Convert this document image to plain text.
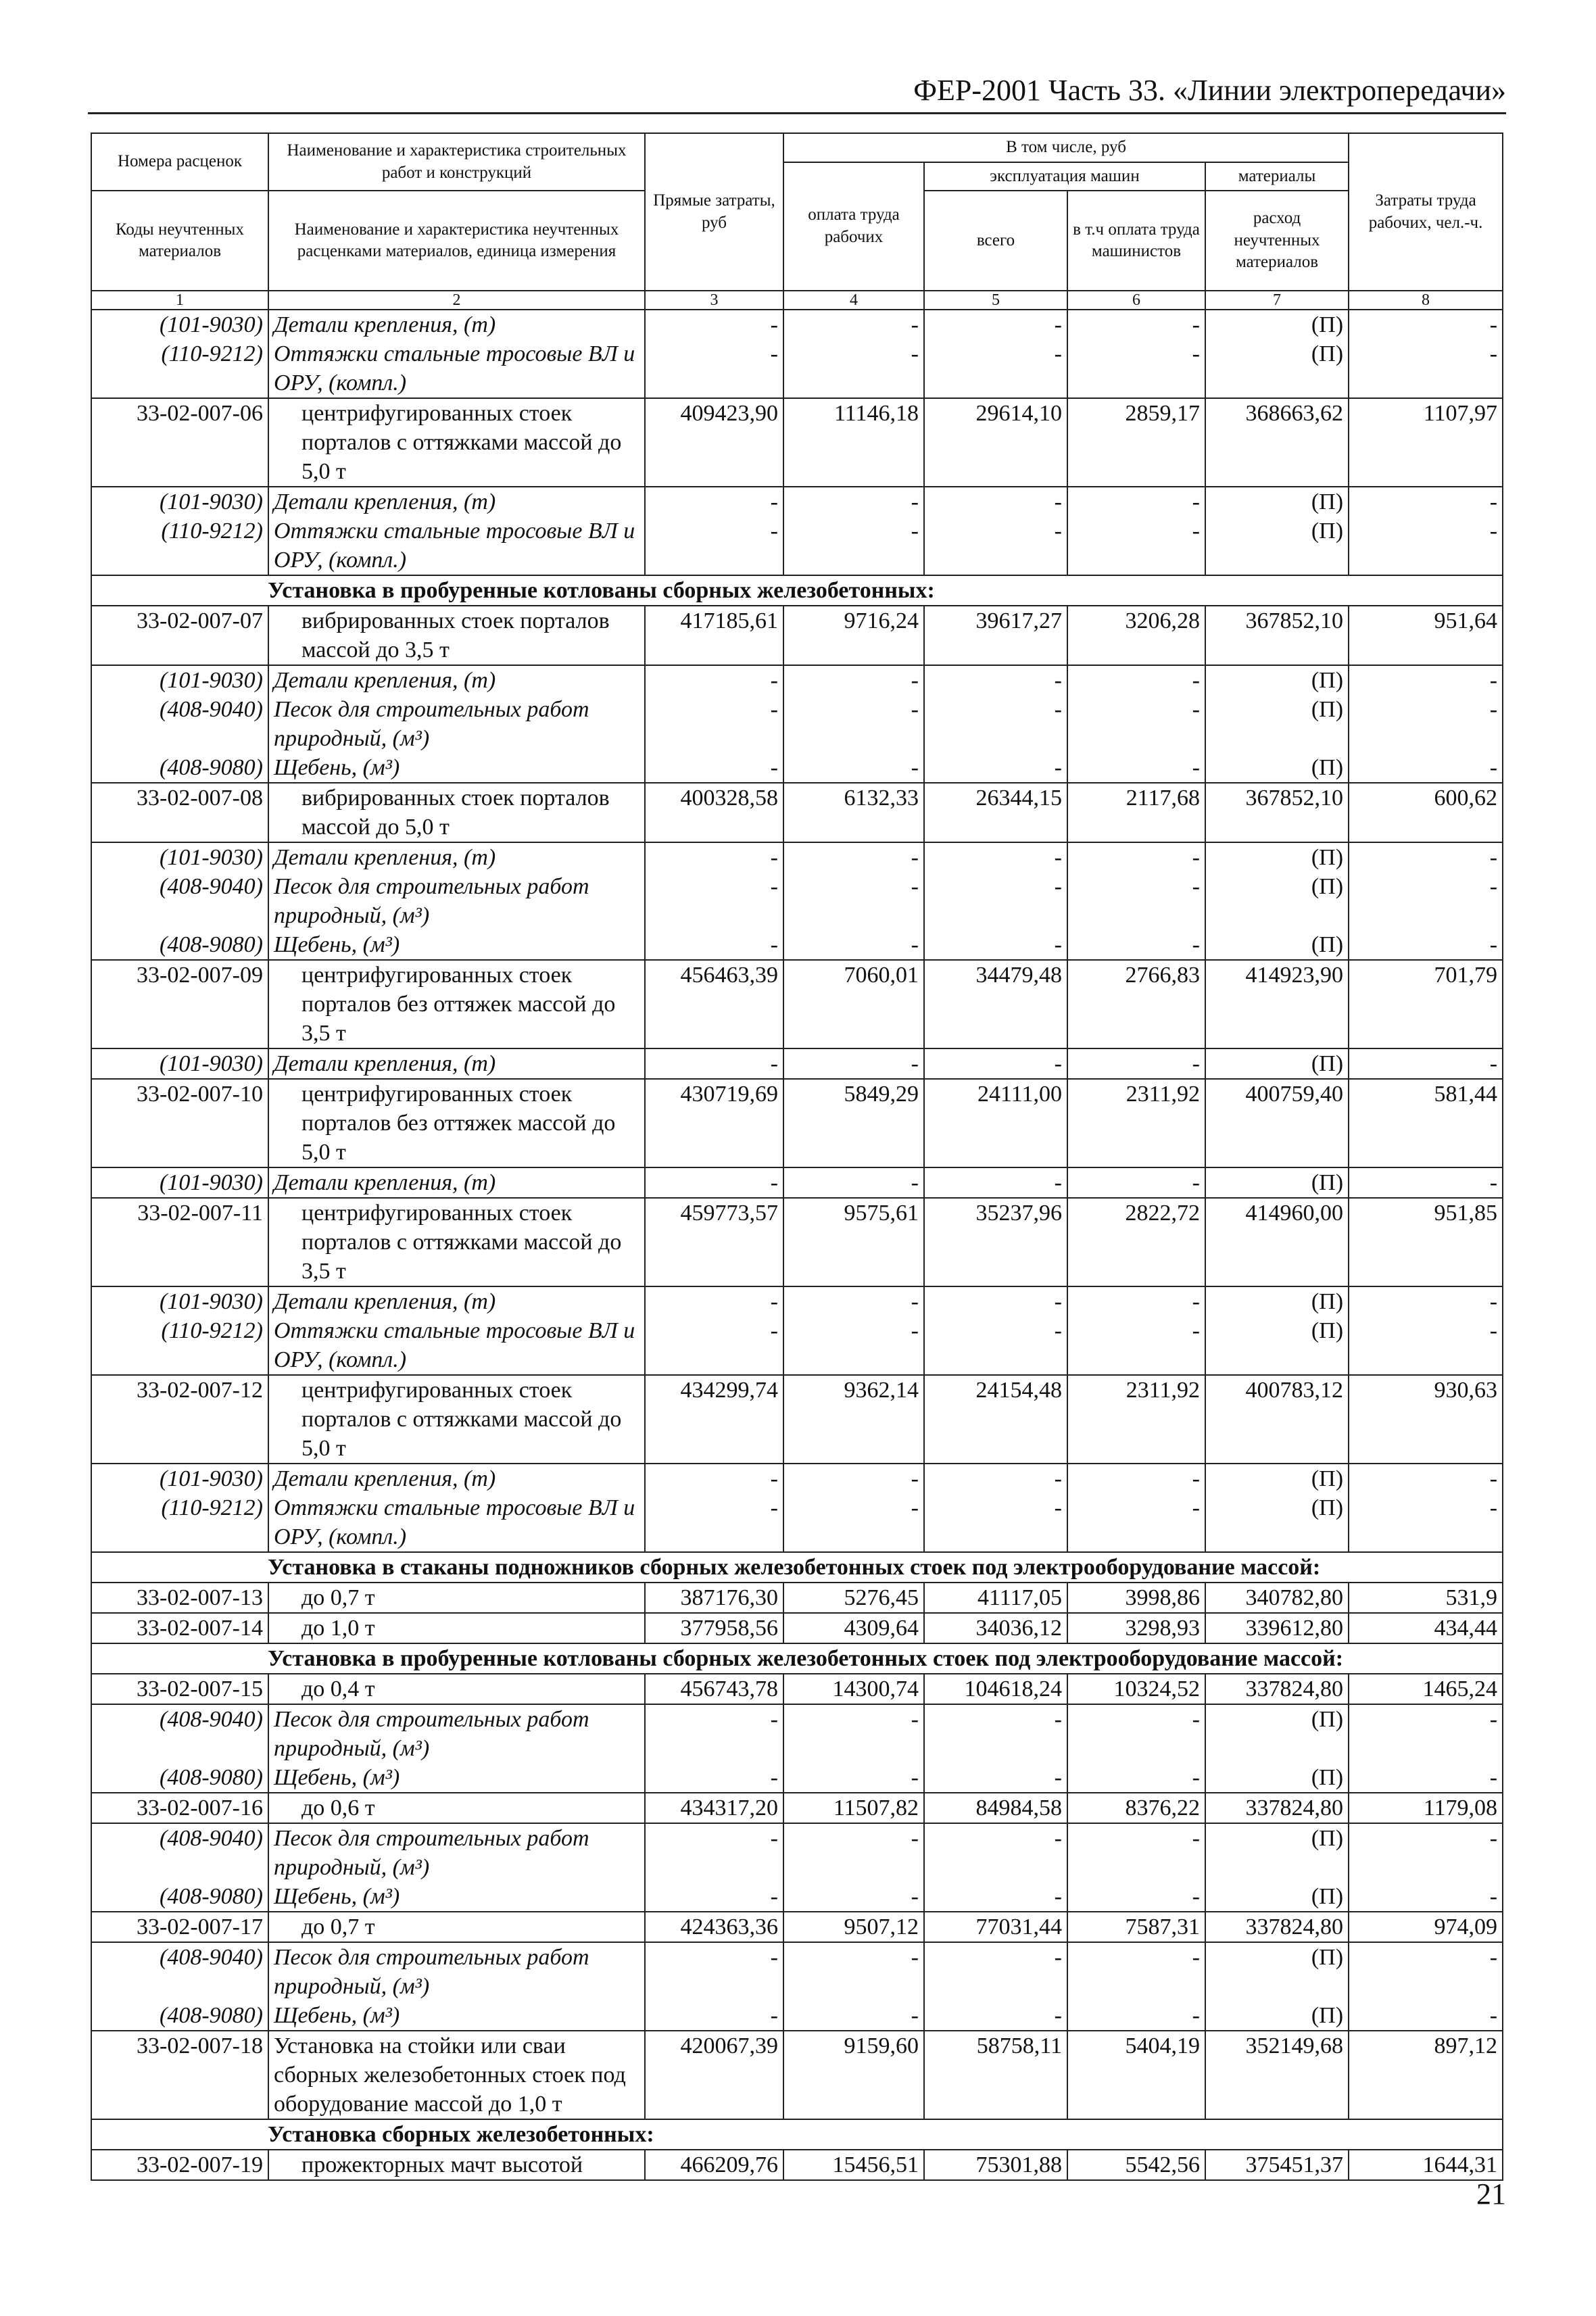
ФЕР-2001 Часть 33. «Линии электропередачи»
Номера расценок	Наименование и характеристика строительных работ и конструкций	Прямые затраты, руб	В том числе, руб				Затраты труда рабочих, чел.-ч.
			оплата труда рабочих	эксплуатация машин		материалы	
Коды неучтенных материалов	Наименование и характеристика неучтенных расценками материалов, единица измерения			всего	в т.ч оплата труда машинистов	расход неучтенных материалов	
1	2	3	4	5	6	7	8
(101-9030)	Детали крепления, (т)	-	-	-	-	(П)	-
(110-9212)	Оттяжки стальные тросовые ВЛ и ОРУ, (компл.)	-	-	-	-	(П)	-
33-02-007-06	центрифугированных стоек порталов с оттяжками массой до 5,0 т	409423,90	11146,18	29614,10	2859,17	368663,62	1107,97
(101-9030)	Детали крепления, (т)	-	-	-	-	(П)	-
(110-9212)	Оттяжки стальные тросовые ВЛ и ОРУ, (компл.)	-	-	-	-	(П)	-
Установка в пробуренные котлованы сборных железобетонных:							
33-02-007-07	вибрированных стоек порталов массой до 3,5 т	417185,61	9716,24	39617,27	3206,28	367852,10	951,64
(101-9030)	Детали крепления, (т)	-	-	-	-	(П)	-
(408-9040)	Песок для строительных работ природный, (м³)	-	-	-	-	(П)	-
(408-9080)	Щебень, (м³)	-	-	-	-	(П)	-
33-02-007-08	вибрированных стоек порталов массой до 5,0 т	400328,58	6132,33	26344,15	2117,68	367852,10	600,62
(101-9030)	Детали крепления, (т)	-	-	-	-	(П)	-
(408-9040)	Песок для строительных работ природный, (м³)	-	-	-	-	(П)	-
(408-9080)	Щебень, (м³)	-	-	-	-	(П)	-
33-02-007-09	центрифугированных стоек порталов без оттяжек массой до 3,5 т	456463,39	7060,01	34479,48	2766,83	414923,90	701,79
(101-9030)	Детали крепления, (т)	-	-	-	-	(П)	-
33-02-007-10	центрифугированных стоек порталов без оттяжек массой до 5,0 т	430719,69	5849,29	24111,00	2311,92	400759,40	581,44
(101-9030)	Детали крепления, (т)	-	-	-	-	(П)	-
33-02-007-11	центрифугированных стоек порталов с оттяжками массой до 3,5 т	459773,57	9575,61	35237,96	2822,72	414960,00	951,85
(101-9030)	Детали крепления, (т)	-	-	-	-	(П)	-
(110-9212)	Оттяжки стальные тросовые ВЛ и ОРУ, (компл.)	-	-	-	-	(П)	-
33-02-007-12	центрифугированных стоек порталов с оттяжками массой до 5,0 т	434299,74	9362,14	24154,48	2311,92	400783,12	930,63
(101-9030)	Детали крепления, (т)	-	-	-	-	(П)	-
(110-9212)	Оттяжки стальные тросовые ВЛ и ОРУ, (компл.)	-	-	-	-	(П)	-
Установка в стаканы подножников сборных железобетонных стоек под электрооборудование массой:							
33-02-007-13	до 0,7 т	387176,30	5276,45	41117,05	3998,86	340782,80	531,9
33-02-007-14	до 1,0 т	377958,56	4309,64	34036,12	3298,93	339612,80	434,44
Установка в пробуренные котлованы сборных железобетонных стоек под электрооборудование массой:							
33-02-007-15	до 0,4 т	456743,78	14300,74	104618,24	10324,52	337824,80	1465,24
(408-9040)	Песок для строительных работ природный, (м³)	-	-	-	-	(П)	-
(408-9080)	Щебень, (м³)	-	-	-	-	(П)	-
33-02-007-16	до 0,6 т	434317,20	11507,82	84984,58	8376,22	337824,80	1179,08
(408-9040)	Песок для строительных работ природный, (м³)	-	-	-	-	(П)	-
(408-9080)	Щебень, (м³)	-	-	-	-	(П)	-
33-02-007-17	до 0,7 т	424363,36	9507,12	77031,44	7587,31	337824,80	974,09
(408-9040)	Песок для строительных работ природный, (м³)	-	-	-	-	(П)	-
(408-9080)	Щебень, (м³)	-	-	-	-	(П)	-
33-02-007-18	Установка на стойки или сваи сборных железобетонных стоек под оборудование массой до 1,0 т	420067,39	9159,60	58758,11	5404,19	352149,68	897,12
Установка сборных железобетонных:							
33-02-007-19	прожекторных мачт высотой	466209,76	15456,51	75301,88	5542,56	375451,37	1644,31
21
